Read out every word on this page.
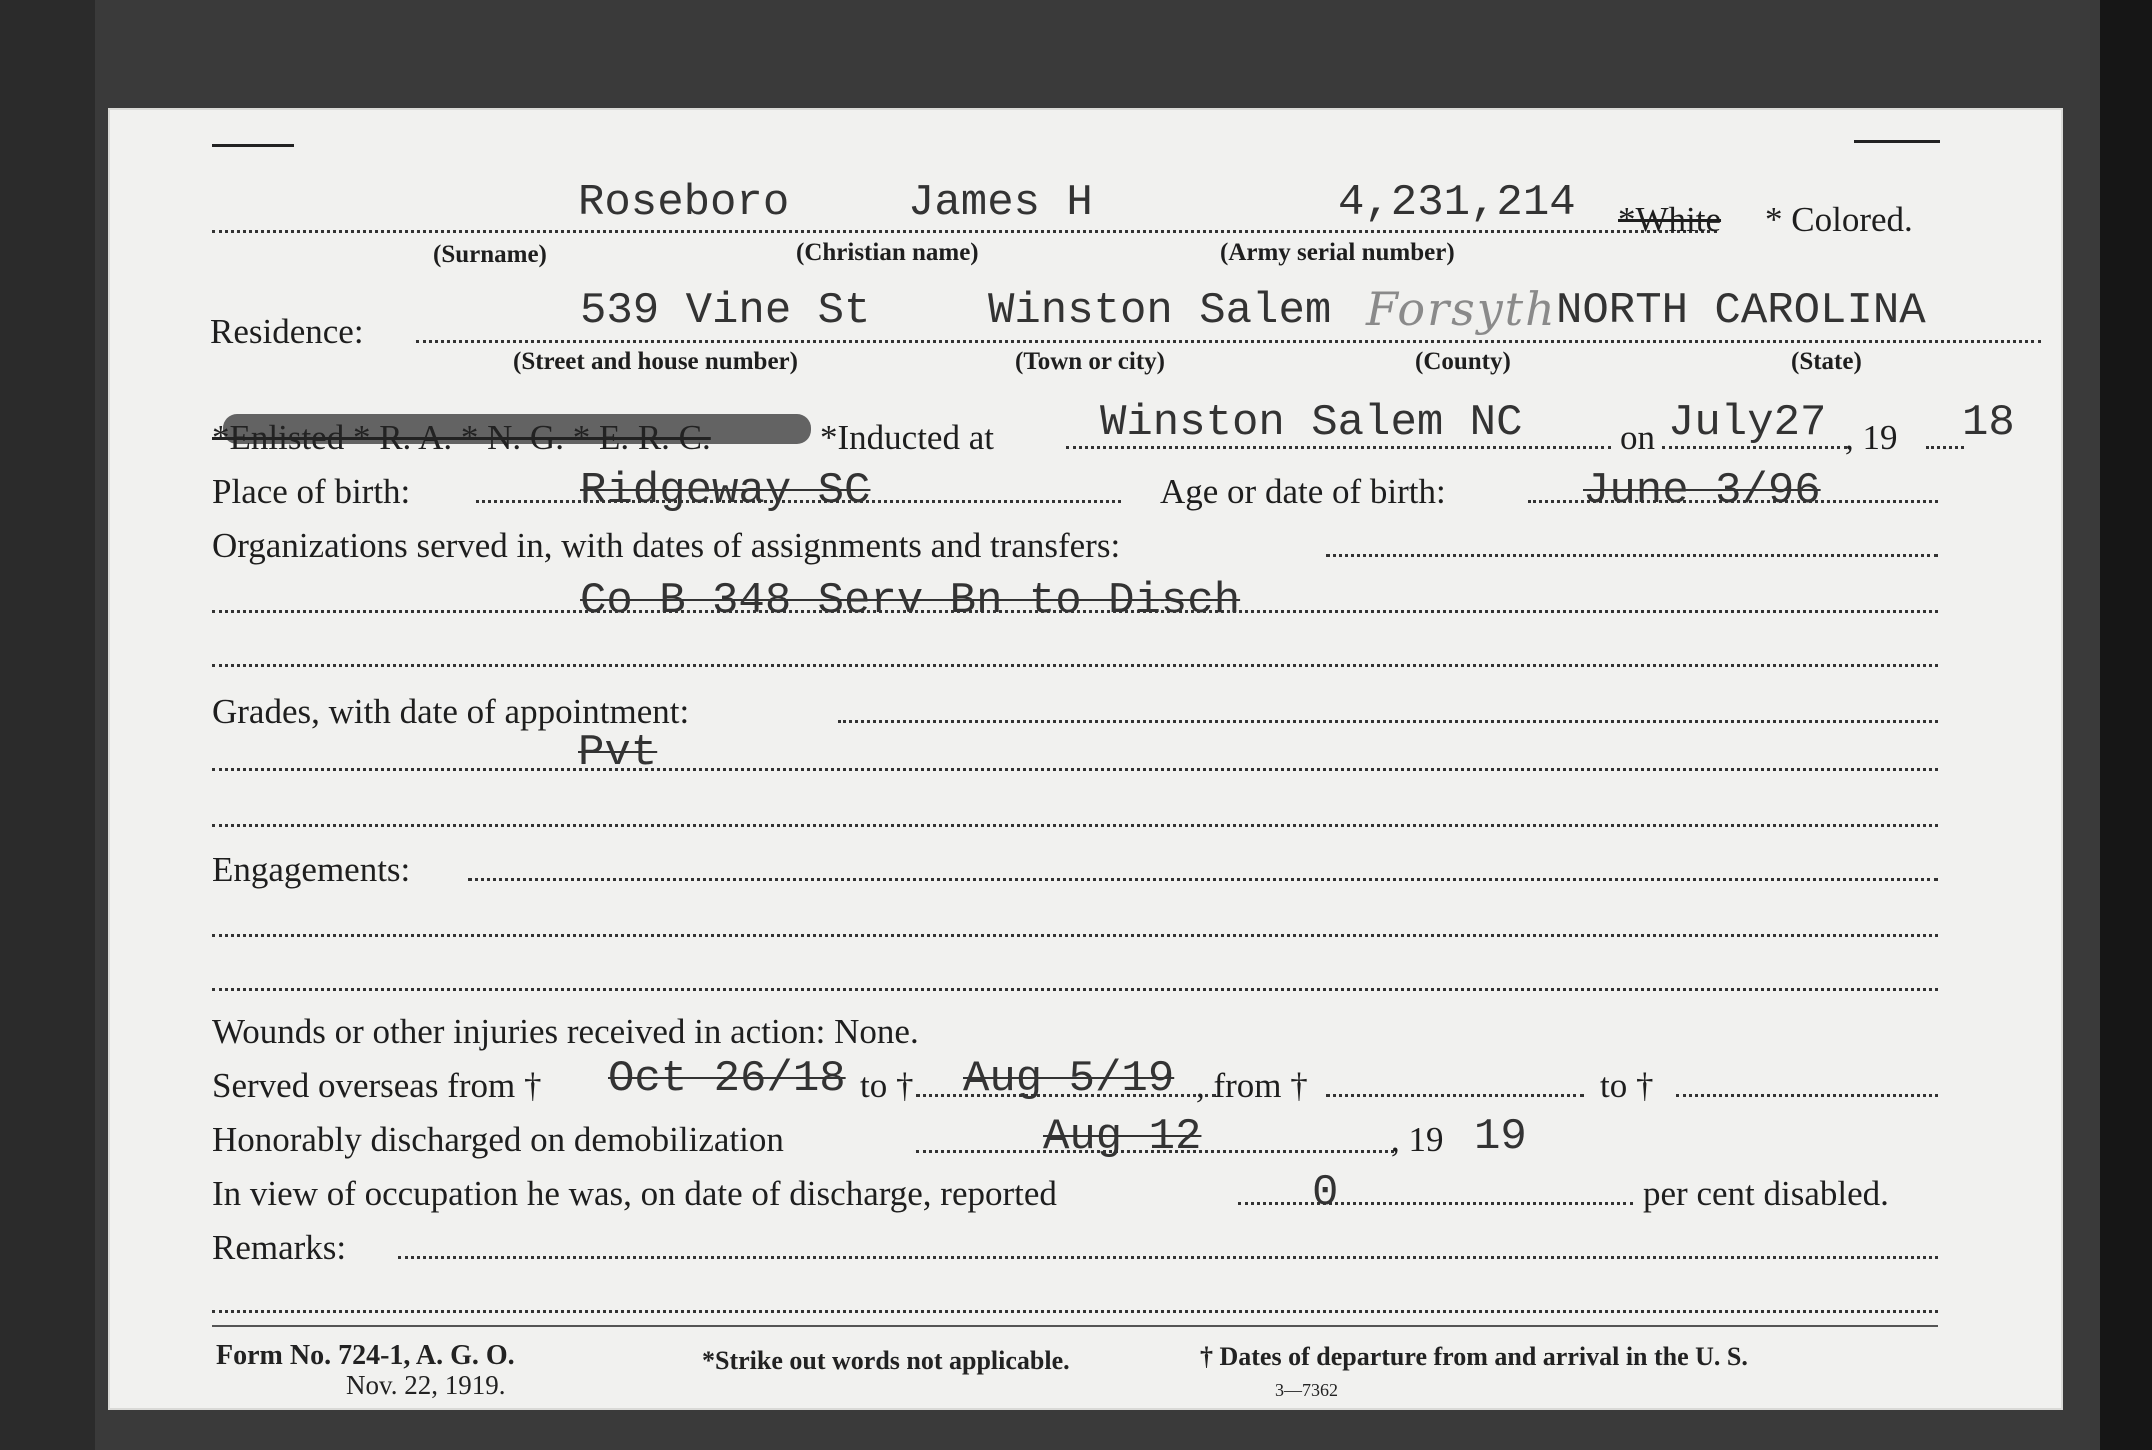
Roseboro	James H	4,231,214 *White * Colored.
(Surname)	(Christian name)	(Army serial number)
Residence:	539 Vine St	Winston Salem Forsyth NORTH CAROLINA
(Street and house number)	(Town or city)	(County)	(State)
*Enlisted * R. A. * N. G. * E. R. C.	*Inducted at Winston Salem NC	on July27 , 19 18
Place of birth:	Ridgeway SC	Age or date of birth:	June 3/96
Organizations served in, with dates of assignments and transfers:
Co B 348 Serv Bn to Disch
Grades, with date of appointment:
Pvt
Engagements:
Wounds or other injuries received in action: None.
Served overseas from † Oct 26/18 to † Aug 5/19 , from †	to †
Honorably discharged on demobilization	Aug 12	, 19 19
In view of occupation he was, on date of discharge, reported	0	per cent disabled.
Remarks:
Form No. 724-1, A. G. O.
Nov. 22, 1919.
*Strike out words not applicable.	† Dates of departure from and arrival in the U. S.
3—7362
